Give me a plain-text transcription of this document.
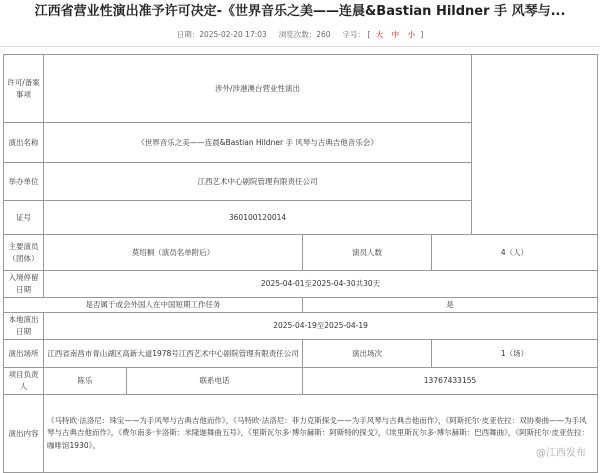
江西省营业性演出准予许可决定-《世界音乐之美——连晨&Bastian Hildner 手 风琴与...
日期：2025-02-20 17:03 浏览次数：260 字号： [ 大 中 小 ]
许可/备案事项	涉外/涉港澳台营业性演出				
演出名称	《世界音乐之美——连晨&Bastian Hildner 手 风琴与古典吉他音乐会》				
举办单位	江西艺术中心剧院管理有限责任公司				
证号	360100120014				
主要演员（团体）	莫绍桐（演员名单附后）		演员人数	4（人）	
入境停留日期	2025-04-01至2025-04-30共30天				
是否属于或会外国人在中国短期工作任务			是		
本地演出日期	2025-04-19至2025-04-19				
演出场所	江西省南昌市青山湖区高新大道1978号江西艺术中心剧院管理有限责任公司		演出场次	1（场）	
项目负责人	陈乐	联系电话	13767433155		
演出内容	《马特欧·法洛尼：珠宝——为手风琴与古典吉他而作》，《马特欧·法洛尼：菲力克斯探戈——为手风琴与古典吉他而作》，《阿斯托尔·皮亚佐拉：双协奏曲——为手风琴与古典吉他而作》，《费尔南多·卡洛斯：米隆迦舞曲五号》，《里斯瓦尔多·博尔赫斯：阿斯特的探戈》，《埃里斯瓦尔多·博尔赫斯：巴西舞曲》，《阿斯托尔·皮亚佐拉：咖啡馆1930》。				
@江西发布
